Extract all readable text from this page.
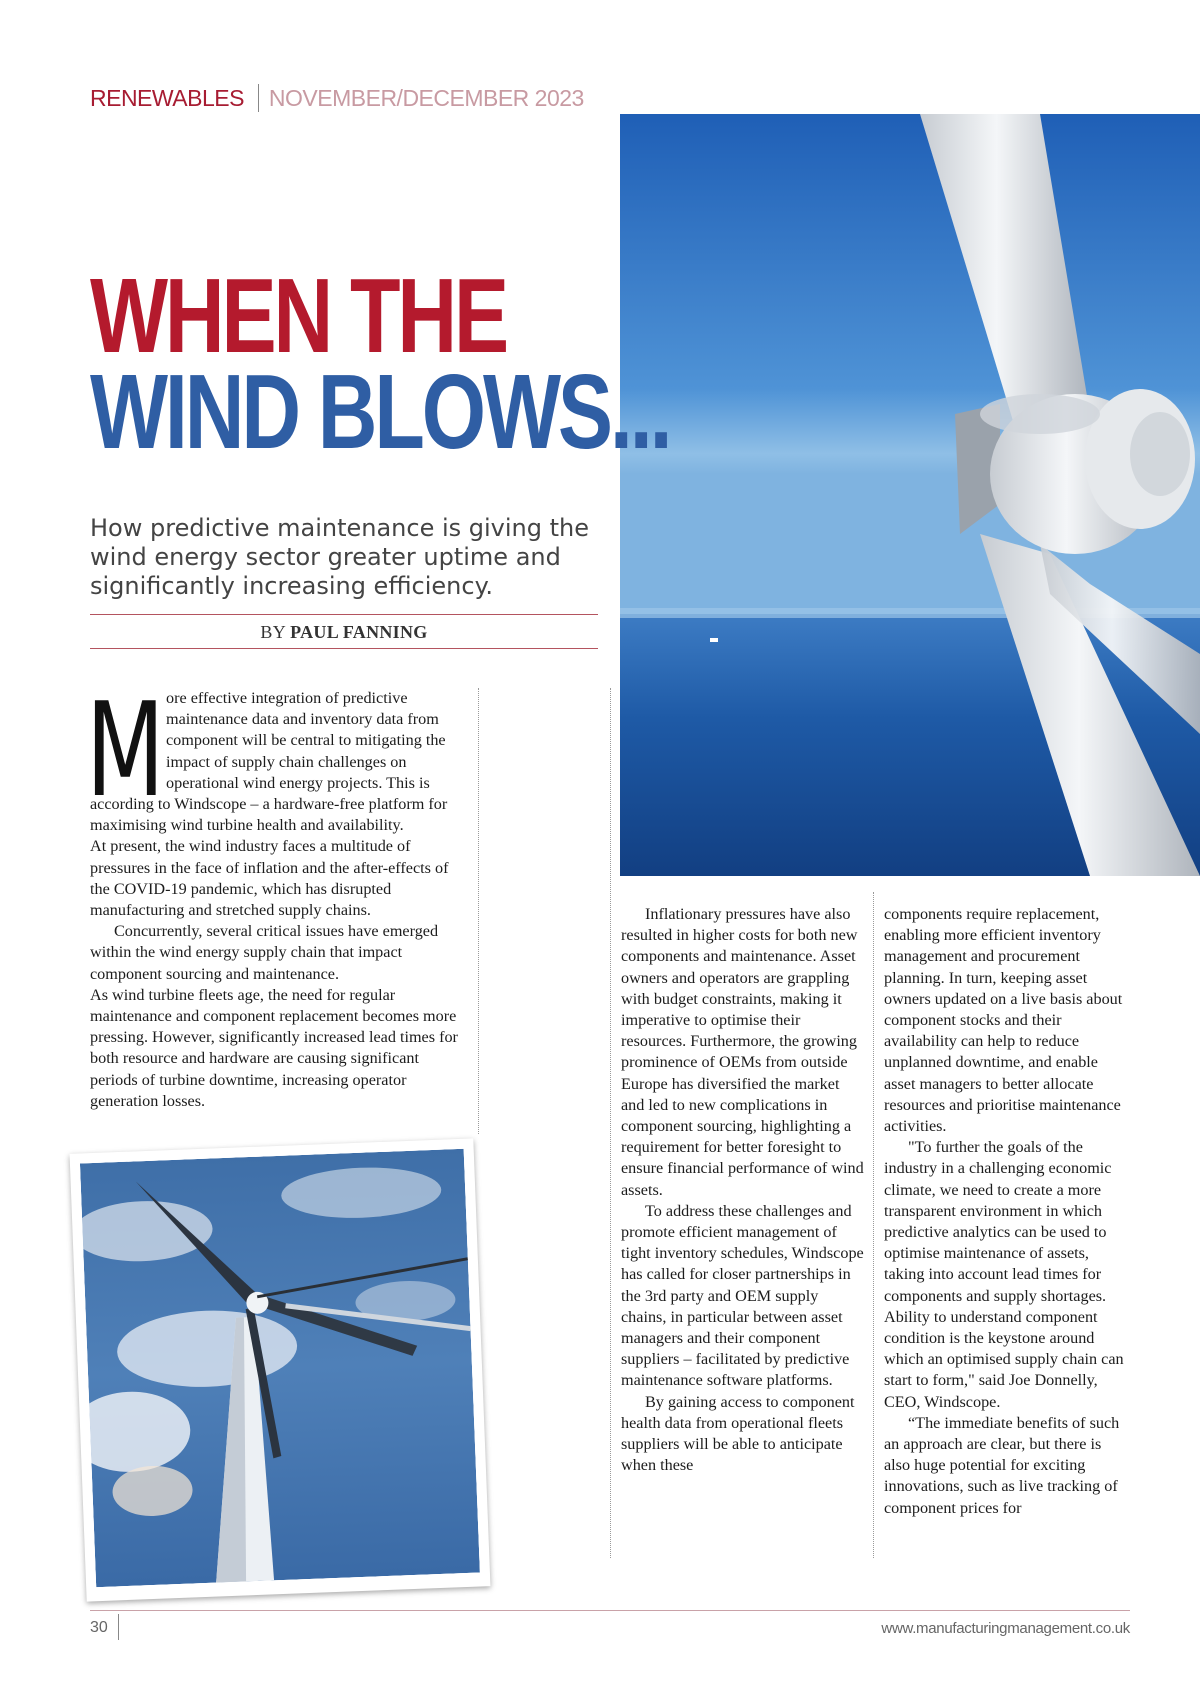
RENEWABLES NOVEMBER/DECEMBER 2023
WHEN THE
WIND BLOWS...
How predictive maintenance is giving the wind energy sector greater uptime and significantly increasing efficiency.
BY PAUL FANNING
M ore effective integration of predictive maintenance data and inventory data from component will be central to mitigating the impact of supply chain challenges on operational wind energy projects. This is according to Windscope – a hardware-free platform for maximising wind turbine health and availability.

At present, the wind industry faces a multitude of pressures in the face of inflation and the after-effects of the COVID-19 pandemic, which has disrupted manufacturing and stretched supply chains.

Concurrently, several critical issues have emerged within the wind energy supply chain that impact component sourcing and maintenance.

As wind turbine fleets age, the need for regular maintenance and component replacement becomes more pressing. However, significantly increased lead times for both resource and hardware are causing significant periods of turbine downtime, increasing operator generation losses.

Inflationary pressures have also resulted in higher costs for both new components and maintenance. Asset owners and operators are grappling with budget constraints, making it imperative to optimise their resources. Furthermore, the growing prominence of OEMs from outside Europe has diversified the market and led to new complications in component sourcing, highlighting a requirement for better foresight to ensure financial performance of wind assets.

To address these challenges and promote efficient management of tight inventory schedules, Windscope has called for closer partnerships in the 3rd party and OEM supply chains, in particular between asset managers and their component suppliers – facilitated by predictive maintenance software platforms.

By gaining access to component health data from operational fleets suppliers will be able to anticipate when these

components require replacement, enabling more efficient inventory management and procurement planning. In turn, keeping asset owners updated on a live basis about component stocks and their availability can help to reduce unplanned downtime, and enable asset managers to better allocate resources and prioritise maintenance activities.

"To further the goals of the industry in a challenging economic climate, we need to create a more transparent environment in which predictive analytics can be used to optimise maintenance of assets, taking into account lead times for components and supply shortages. Ability to understand component condition is the keystone around which an optimised supply chain can start to form," said Joe Donnelly, CEO, Windscope.

“The immediate benefits of such an approach are clear, but there is also huge potential for exciting innovations, such as live tracking of component prices for

30	www.manufacturingmanagement.co.uk
